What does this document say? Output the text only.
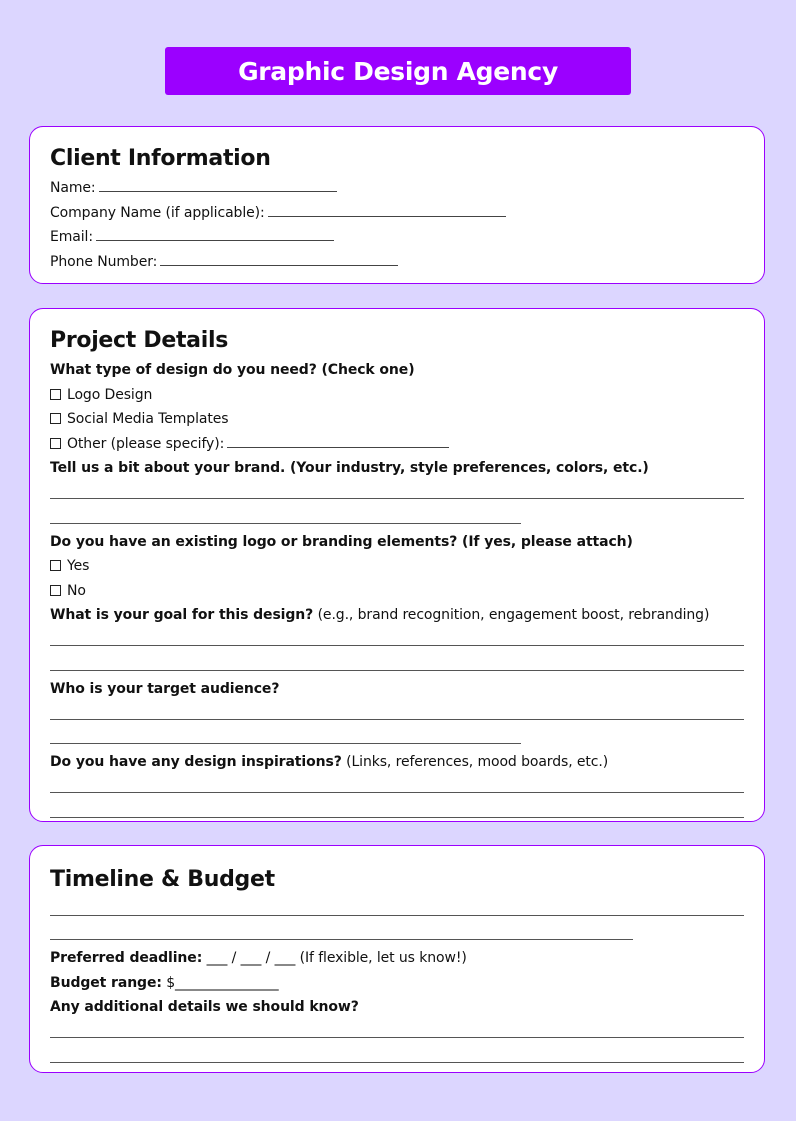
Graphic Design Agency
Client Information
Name:
Company Name (if applicable):
Email:
Phone Number:
Project Details
What type of design do you need? (Check one)
Logo Design
Social Media Templates
Other (please specify):
Tell us a bit about your brand. (Your industry, style preferences, colors, etc.)
Do you have an existing logo or branding elements? (If yes, please attach)
Yes
No
What is your goal for this design? (e.g., brand recognition, engagement boost, rebranding)
Who is your target audience?
Do you have any design inspirations? (Links, references, mood boards, etc.)
Timeline & Budget
Preferred deadline: ___ / ___ / ___ (If flexible, let us know!)
Budget range: $_______________
Any additional details we should know?
